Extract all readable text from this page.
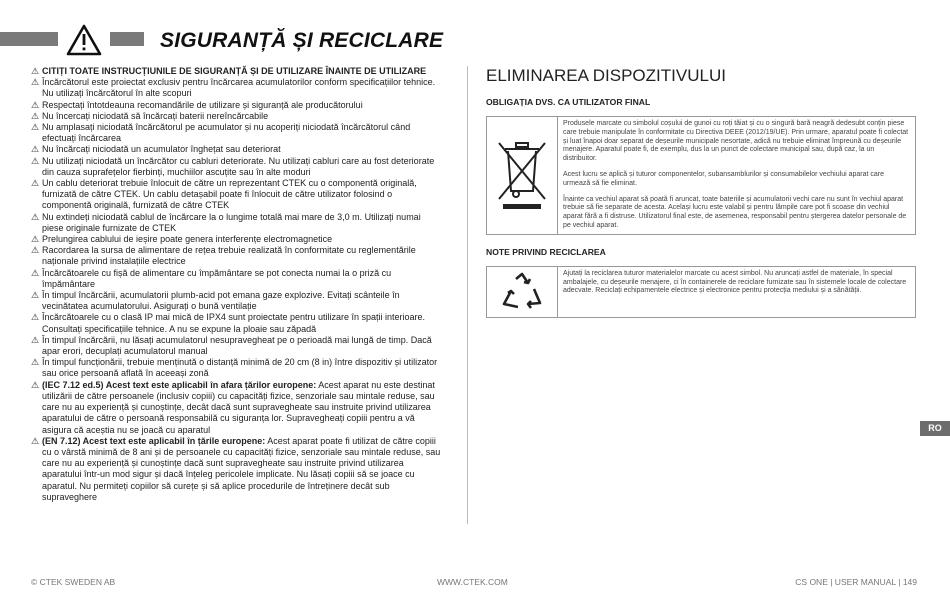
SIGURANȚĂ ȘI RECICLARE
⚠ CITIȚI TOATE INSTRUCȚIUNILE DE SIGURANȚĂ ȘI DE UTILIZARE ÎNAINTE DE UTILIZARE
⚠ Încărcătorul este proiectat exclusiv pentru încărcarea acumulatorilor conform specificațiilor tehnice. Nu utilizați încărcătorul în alte scopuri
⚠ Respectați întotdeauna recomandările de utilizare și siguranță ale producătorului
⚠ Nu încercați niciodată să încărcați baterii nereîncărcabile
⚠ Nu amplasați niciodată încărcătorul pe acumulator și nu acoperiți niciodată încărcătorul când efectuați încărcarea
⚠ Nu încărcați niciodată un acumulator înghețat sau deteriorat
⚠ Nu utilizați niciodată un încărcător cu cabluri deteriorate. Nu utilizați cabluri care au fost deteriorate din cauza suprafețelor fierbinți, muchiilor ascuțite sau în alte moduri
⚠ Un cablu deteriorat trebuie înlocuit de către un reprezentant CTEK cu o componentă originală, furnizată de către CTEK. Un cablu detașabil poate fi înlocuit de către utilizator folosind o componentă originală, furnizată de către CTEK
⚠ Nu extindeți niciodată cablul de încărcare la o lungime totală mai mare de 3,0 m. Utilizați numai piese originale furnizate de CTEK
⚠ Prelungirea cablului de ieșire poate genera interferențe electromagnetice
⚠ Racordarea la sursa de alimentare de rețea trebuie realizată în conformitate cu reglementările naționale privind instalațiile electrice
⚠ Încărcătoarele cu fișă de alimentare cu împământare se pot conecta numai la o priză cu împământare
⚠ În timpul încărcării, acumulatorii plumb-acid pot emana gaze explozive. Evitați scânteile în vecinătatea acumulatorului. Asigurați o bună ventilație
⚠ Încărcătoarele cu o clasă IP mai mică de IPX4 sunt proiectate pentru utilizare în spații interioare. Consultați specificațiile tehnice. A nu se expune la ploaie sau zăpadă
⚠ În timpul încărcării, nu lăsați acumulatorul nesupravegheat pe o perioadă mai lungă de timp. Dacă apar erori, decuplați acumulatorul manual
⚠ În timpul funcționării, trebuie menținută o distanță minimă de 20 cm (8 in) între dispozitiv și utilizator sau orice persoană aflată în aceeași zonă
⚠ (IEC 7.12 ed.5) Acest text este aplicabil în afara țărilor europene: Acest aparat nu este destinat utilizării de către persoanele (inclusiv copiii) cu capacități fizice, senzoriale sau mintale reduse, sau care nu au experiență și cunoștințe, decât dacă sunt supravegheate sau instruite privind utilizarea aparatului de către o persoană responsabilă cu siguranța lor. Supravegheați copiii pentru a vă asigura că aceștia nu se joacă cu aparatul
⚠ (EN 7.12) Acest text este aplicabil în țările europene: Acest aparat poate fi utilizat de către copiii cu o vârstă minimă de 8 ani și de persoanele cu capacități fizice, senzoriale sau mintale reduse, sau care nu au experiență și cunoștințe dacă sunt supravegheate sau instruite privind utilizarea aparatului într-un mod sigur și dacă înțeleg pericolele implicate. Nu lăsați copiii să se joace cu aparatul. Nu permiteți copiilor să curețe și să aplice procedurile de întreținere decât sub supraveghere
ELIMINAREA DISPOZITIVULUI
OBLIGAȚIA DVS. CA UTILIZATOR FINAL

Produsele marcate cu simbolul coșului de gunoi cu roți tăiat și cu o singură bară neagră dedesubt conțin piese care trebuie manipulate în conformitate cu Directiva DEEE (2012/19/UE). Prin urmare, aparatul poate fi colectat și luat înapoi doar separat de deșeurile municipale nesortate, adică nu trebuie eliminat împreună cu deșeurile menajere. Aparatul poate fi, de exemplu, dus la un punct de colectare municipal sau, după caz, la un distribuitor.

Acest lucru se aplică și tuturor componentelor, subansamblurilor și consumabilelor vechiului aparat care urmează să fie eliminat.

Înainte ca vechiul aparat să poată fi aruncat, toate bateriile și acumulatorii vechi care nu sunt în vechiul aparat trebuie să fie separate de acesta. Același lucru este valabil și pentru lămpile care pot fi scoase din vechiul aparat fără a fi distruse. Utilizatorul final este, de asemenea, responsabil pentru ștergerea datelor personale de pe vechiul aparat.

NOTE PRIVIND RECICLAREA
Ajutați la reciclarea tuturor materialelor marcate cu acest simbol. Nu aruncați astfel de materiale, în special ambalajele, cu deșeurile menajere, ci în containerele de reciclare furnizate sau în sistemele locale de colectare adecvate. Reciclați echipamentele electrice și electronice pentru protecția mediului și a sănătății.
RO
© CTEK SWEDEN AB	WWW.CTEK.COM	CS ONE | USER MANUAL | 149
